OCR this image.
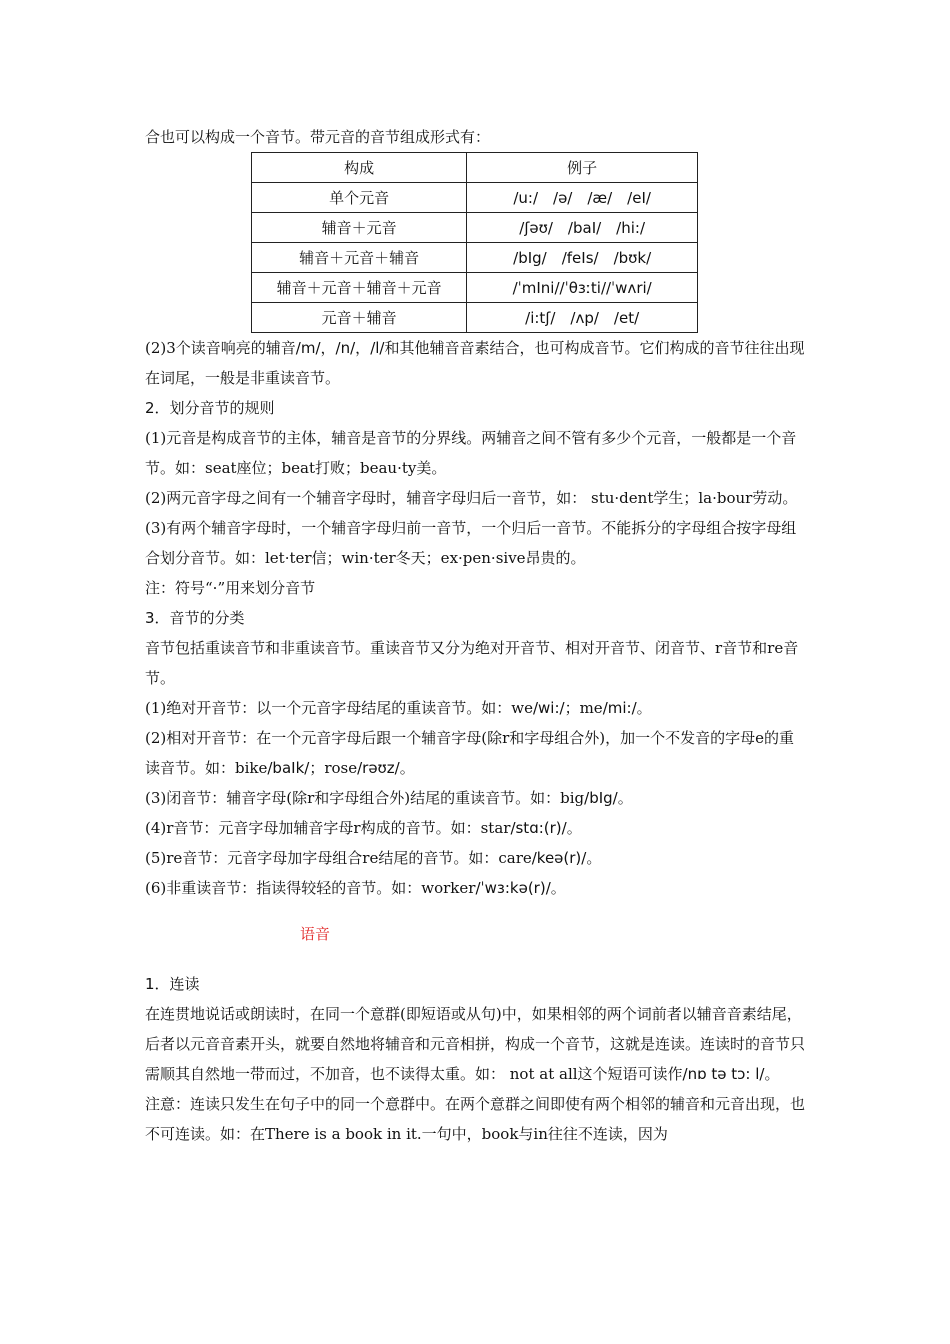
合也可以构成一个音节。带元音的音节组成形式有：

构成	例子
单个元音	/u:/　/ə/　/æ/　/eI/
辅音＋元音	/ʃəʊ/　/baI/　/hi:/
辅音＋元音＋辅音	/bIg/　/feIs/　/bʊk/
辅音＋元音＋辅音＋元音	/ˈmIni//ˈθɜːti//ˈwʌri/
元音＋辅音	/i:tʃ/　/ʌp/　/et/

(2)3个读音响亮的辅音/m/，/n/，/l/和其他辅音音素结合，也可构成音节。它们构成的音节往往出现在词尾，一般是非重读音节。

2．划分音节的规则

(1)元音是构成音节的主体，辅音是音节的分界线。两辅音之间不管有多少个元音，一般都是一个音节。如：seat座位；beat打败；beau·ty美。

(2)两元音字母之间有一个辅音字母时，辅音字母归后一音节，如： stu·dent学生；la·bour劳动。

(3)有两个辅音字母时，一个辅音字母归前一音节，一个归后一音节。不能拆分的字母组合按字母组合划分音节。如：let·ter信；win·ter冬天；ex·pen·sive昂贵的。

注：符号“·”用来划分音节

3．音节的分类

音节包括重读音节和非重读音节。重读音节又分为绝对开音节、相对开音节、闭音节、r音节和re音节。

(1)绝对开音节：以一个元音字母结尾的重读音节。如：we/wi:/；me/mi:/。

(2)相对开音节：在一个元音字母后跟一个辅音字母(除r和字母组合外)，加一个不发音的字母e的重读音节。如：bike/baIk/；rose/rəʊz/。

(3)闭音节：辅音字母(除r和字母组合外)结尾的重读音节。如：big/bIg/。

(4)r音节：元音字母加辅音字母r构成的音节。如：star/stɑ:(r)/。

(5)re音节：元音字母加字母组合re结尾的音节。如：care/keə(r)/。

(6)非重读音节：指读得较轻的音节。如：worker/ˈwɜ:kə(r)/。

语音

1．连读

在连贯地说话或朗读时，在同一个意群(即短语或从句)中，如果相邻的两个词前者以辅音音素结尾，后者以元音音素开头，就要自然地将辅音和元音相拼，构成一个音节，这就是连读。连读时的音节只需顺其自然地一带而过，不加音，也不读得太重。如： not at all这个短语可读作/nɒ tə tɔ: l/。

注意：连读只发生在句子中的同一个意群中。在两个意群之间即使有两个相邻的辅音和元音出现，也不可连读。如：在There is a book in it.一句中，book与in往往不连读，因为
